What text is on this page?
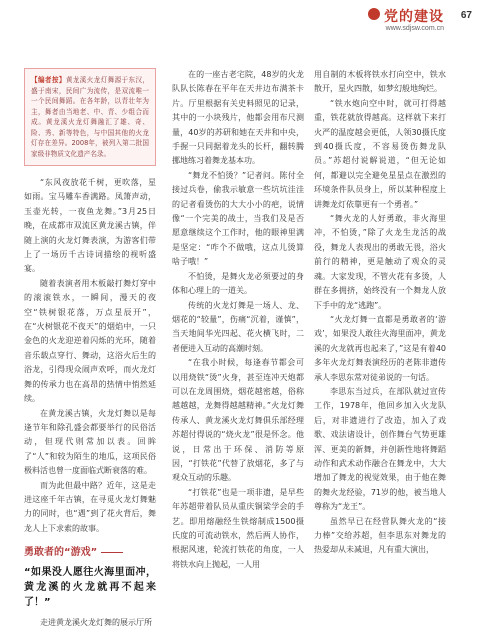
党的建设
www.sdjsw.com.cn
67
【编者按】黄龙溪火龙灯舞源于东汉，盛于南宋，民间广为流传，是双流唯一一个民间舞蹈。在各年龄，以青壮年为主，舞者由当地老、中、青、少组合而成。黄龙溪火龙灯舞融汇了雄、奇、险、秀、新等特色，与中国其他的火龙灯存在差异。2008年，被列入第二批国家级非物质文化遗产名录。

“东风夜放花千树，更吹落，星如雨。宝马雕车香满路。凤箫声动，玉壶光转，一夜鱼龙舞。”3月25日晚，在成都市双流区黄龙溪古镇，伴随上演的火龙灯舞表演，为游客们带上了一场历千古诗词描绘的视听盛宴。

随着表演者用木板敲打舞灯穿中的滚滚铁水，一瞬间，漫天的夜空“铁树银花落，万点星辰开”，在“火树银花不夜天”的烟焰中，一只金色的火龙迎逆着闪烁的光环，随着音乐载点穿行、舞动，这浴火后生的浴龙，引得现众闹声欢呼，而火龙灯舞的传承力也在高昂的热情中悄然延续。

在黄龙溪古镇，火龙灯舞以是每逢节年和除孔盛会都要举行的民俗活动，但现代则常加以表。回眸了“人”和较为陌生的地瓜，这项民俗极料活也曾一度面临式断衰落的难。

而为此但最中路？近年，这是走进这座千年古镇，在寻觅火龙灯舞魅力的同时，也“遇”到了花火背后，舞龙人上下求索的故事。

勇敢者的“游戏”
“如果没人愿往火海里面冲，黄龙溪的火龙就再不起来了！”

走进黄龙溪火龙灯舞的展示厅所

在的一座古老宅院，48岁的火龙队队长陈春在平年在天井边布满茶卡片。厅里根据有关史料照见的记录，其中的一小块残片，他都会用布尺测量，40岁的苏研和她在天井和中央，手握一只同据着龙头的长杆，翻转腾挪地练习着舞龙基本功。

“舞龙不怕烫？”记者问。陈付全接过兵卷，偷我示敏意一些坑坑洼洼的记者看烫伤的大大小小的疤，说情像“一个完美的战士，当我们及是否愿意继续这个工作时，他的眼神里满是坚定：“咋个不做哦，这点儿烫算啥子哦！”

不怕烫，是舞火龙必须要过的身体和心理上的一道关。

传统的火龙灯舞是一场人、龙、烟花的“较量”，伤痛“沉着，谨慎”，当天地间华光四起、花火横飞时，二者便进入互动的高潮时刻。

“在我小时候，每逢春节都会可以用烧铁“烫”火身，甚至连冲天炮都可以在龙周围烧，烟花越密越，俗称越越越，龙舞得越越精神。”火龙灯舞传承人、黄龙溪火龙灯舞俱乐部经理苏超付得说的“烧火龙”很是怀念。他说，日常出于环保、消防等原因，“打铁花”代替了放烟花，多了与观众互动的乐趣。

“打铁花”也是一项非遗，是早些年苏超带着队员从重庆铜梁学会的手艺。即用熔融经生铁熔制成1500摄氏度的可流动铁水，然后两人协作，根据风速，轮流打铁花的角度，一人将铁水向上抛起，一人用

用自制的木板将铁水打向空中，铁水散开，星火四散，如梦幻般地绚烂。

“铁水炮向空中时，就可打得越重，铁花就放得越高。这样就下来打火严的温度越会更低，人领30摄氏度到40摄氏度，不容易烫伤舞龙队员。”苏超付说解说道，“但无论如何，都避以完全避免星星点在激烈的环境条件队员身上，所以某种程度上讲舞龙灯依靠更有一个勇者。”

“舞火龙的人好勇敢，非火海里冲，不怕烫，”除了火龙生龙活的战役，舞龙人表现出的勇敢无畏，浴火前行的精神，更是触动了观众的灵魂。大家发现，不管火花有多烫，人群在多拥挤，始终没有一个舞龙人放下手中的龙“逃跑”。

“火龙灯舞一直都是勇敢者的‘游戏’，如果没人敢往火海里面冲，黄龙溪的火龙就再也起来了，”这是有着40多年火龙灯舞表演经历的老陈非遗传承人李思东常对徒弟说的一句话。

李思东当过兵，在部队就过宣传工作，1978年，他回乡加入火龙队后，对非遗进行了改造，加入了戏歌、戏法诸设计，创作舞台气势更雄浑、更美的新舞，并创新性地将舞蹈动作和武术动作融合在舞龙中，大大增加了舞龙的视觉效果，由于他在舞的舞火龙经验，71岁的他，被当地人尊称为“龙王”。

虽然早已在经营队舞火龙的“接力棒”交给苏超，但李思东对舞龙的热爱却从未减退，凡有重大演出，
